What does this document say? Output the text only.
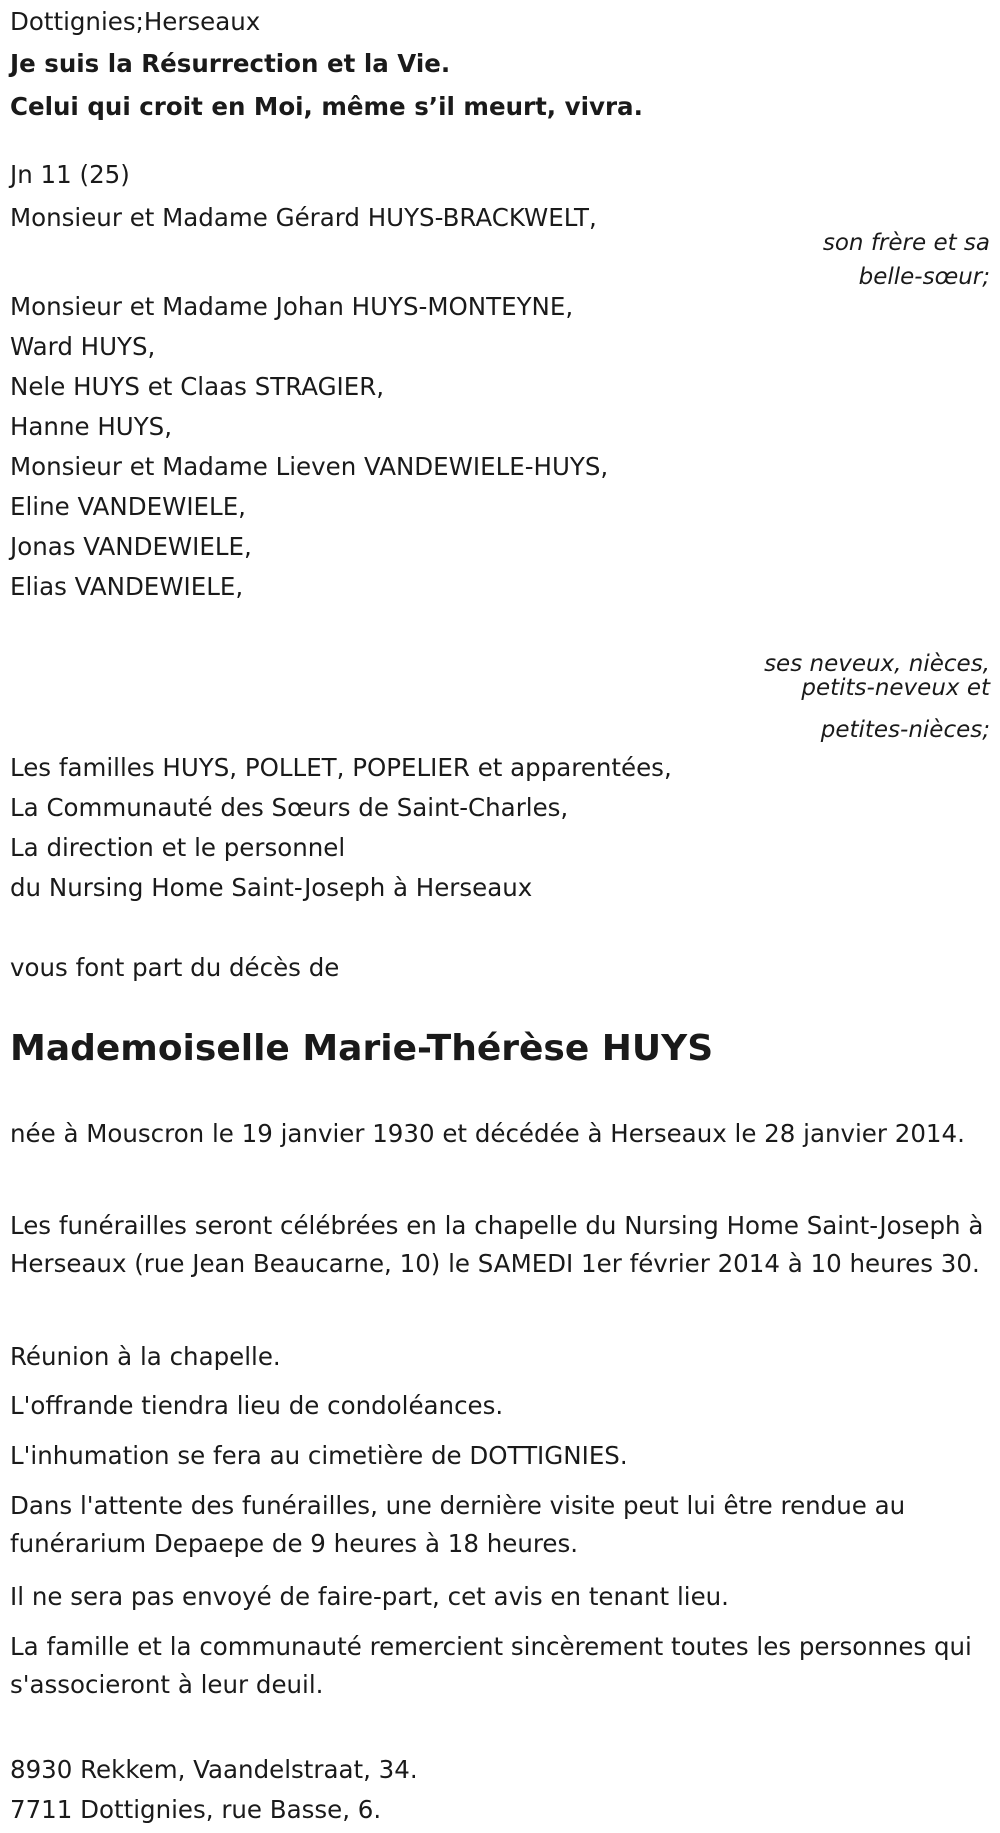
Dottignies;Herseaux
Je suis la Résurrection et la Vie.
Celui qui croit en Moi, même s’il meurt, vivra.
Jn 11 (25)
Monsieur et Madame Gérard HUYS-BRACKWELT,
son frère et sa
belle-sœur;
Monsieur et Madame Johan HUYS-MONTEYNE,
Ward HUYS,
Nele HUYS et Claas STRAGIER,
Hanne HUYS,
Monsieur et Madame Lieven VANDEWIELE-HUYS,
Eline VANDEWIELE,
Jonas VANDEWIELE,
Elias VANDEWIELE,
ses neveux, nièces,
petits-neveux et
petites-nièces;
Les familles HUYS, POLLET, POPELIER et apparentées,
La Communauté des Sœurs de Saint-Charles,
La direction et le personnel
du Nursing Home Saint-Joseph à Herseaux
vous font part du décès de
Mademoiselle Marie-Thérèse HUYS
née à Mouscron le 19 janvier 1930 et décédée à Herseaux le 28 janvier 2014.
Les funérailles seront célébrées en la chapelle du Nursing Home Saint-Joseph à Herseaux (rue Jean Beaucarne, 10) le SAMEDI 1er février 2014 à 10 heures 30.
Réunion à la chapelle.
L'offrande tiendra lieu de condoléances.
L'inhumation se fera au cimetière de DOTTIGNIES.
Dans l'attente des funérailles, une dernière visite peut lui être rendue au funérarium Depaepe de 9 heures à 18 heures.
Il ne sera pas envoyé de faire-part, cet avis en tenant lieu.
La famille et la communauté remercient sincèrement toutes les personnes qui s'associeront à leur deuil.
8930 Rekkem, Vaandelstraat, 34.
7711 Dottignies, rue Basse, 6.
